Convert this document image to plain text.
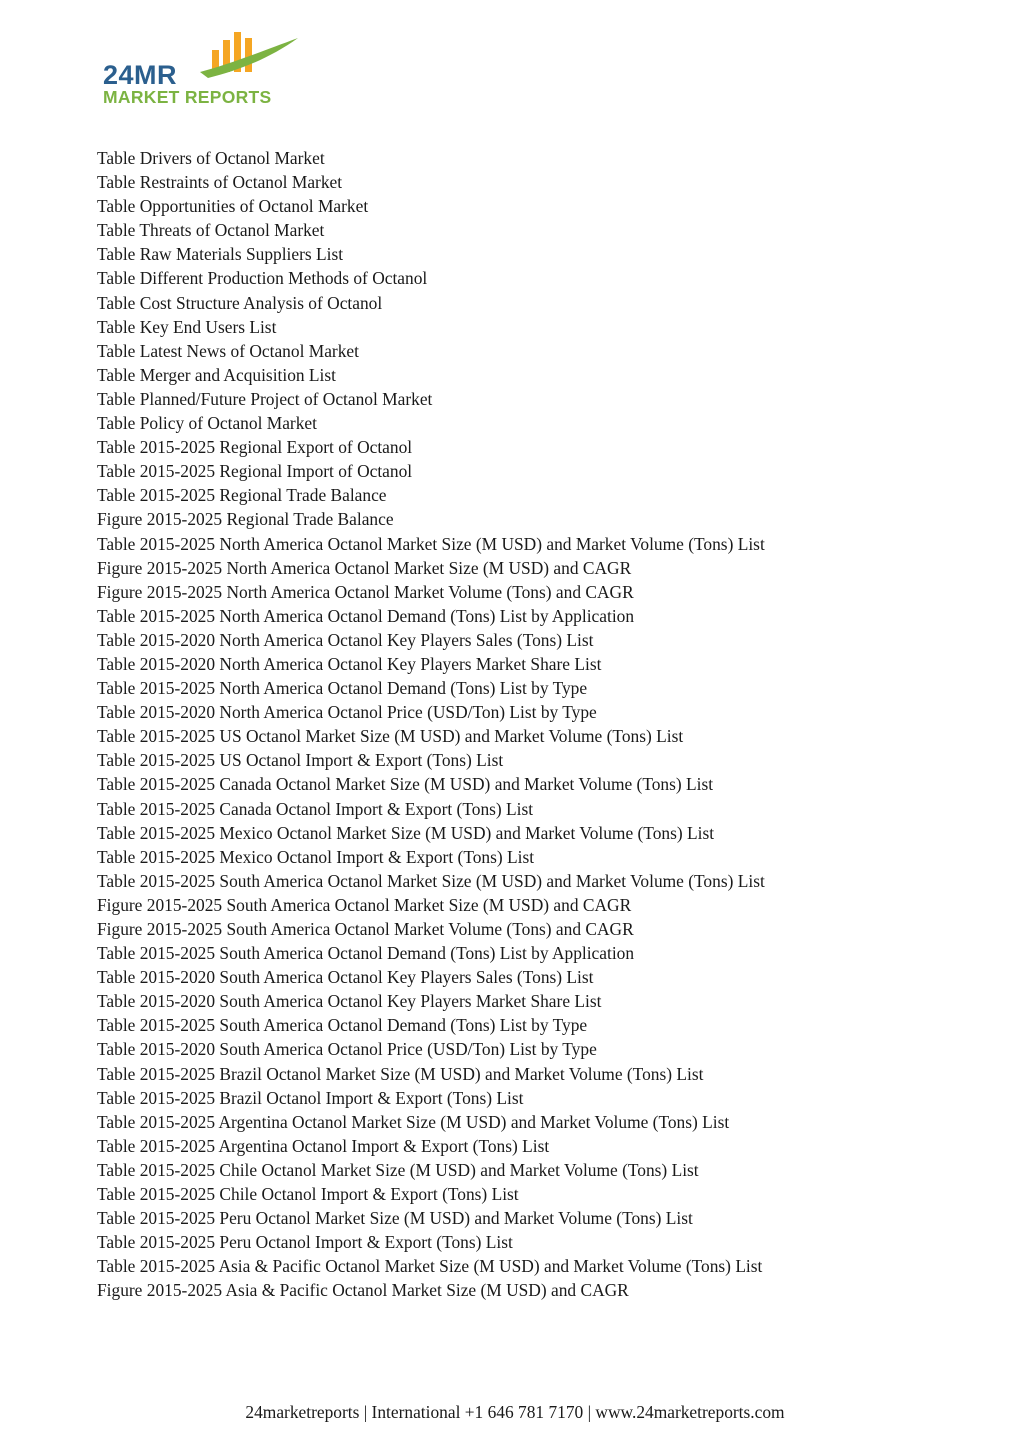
24MR
MARKET REPORTS
Table Drivers of Octanol Market
Table Restraints of Octanol Market
Table Opportunities of Octanol Market
Table Threats of Octanol Market
Table Raw Materials Suppliers List
Table Different Production Methods of Octanol
Table Cost Structure Analysis of Octanol
Table Key End Users List
Table Latest News of Octanol Market
Table Merger and Acquisition List
Table Planned/Future Project of Octanol Market
Table Policy of Octanol Market
Table 2015-2025 Regional Export of Octanol
Table 2015-2025 Regional Import of Octanol
Table 2015-2025 Regional Trade Balance
Figure 2015-2025 Regional Trade Balance
Table 2015-2025 North America Octanol Market Size (M USD) and Market Volume (Tons) List
Figure 2015-2025 North America Octanol Market Size (M USD) and CAGR
Figure 2015-2025 North America Octanol Market Volume (Tons) and CAGR
Table 2015-2025 North America Octanol Demand (Tons) List by Application
Table 2015-2020 North America Octanol Key Players Sales (Tons) List
Table 2015-2020 North America Octanol Key Players Market Share List
Table 2015-2025 North America Octanol Demand (Tons) List by Type
Table 2015-2020 North America Octanol Price (USD/Ton) List by Type
Table 2015-2025 US Octanol Market Size (M USD) and Market Volume (Tons) List
Table 2015-2025 US Octanol Import & Export (Tons) List
Table 2015-2025 Canada Octanol Market Size (M USD) and Market Volume (Tons) List
Table 2015-2025 Canada Octanol Import & Export (Tons) List
Table 2015-2025 Mexico Octanol Market Size (M USD) and Market Volume (Tons) List
Table 2015-2025 Mexico Octanol Import & Export (Tons) List
Table 2015-2025 South America Octanol Market Size (M USD) and Market Volume (Tons) List
Figure 2015-2025 South America Octanol Market Size (M USD) and CAGR
Figure 2015-2025 South America Octanol Market Volume (Tons) and CAGR
Table 2015-2025 South America Octanol Demand (Tons) List by Application
Table 2015-2020 South America Octanol Key Players Sales (Tons) List
Table 2015-2020 South America Octanol Key Players Market Share List
Table 2015-2025 South America Octanol Demand (Tons) List by Type
Table 2015-2020 South America Octanol Price (USD/Ton) List by Type
Table 2015-2025 Brazil Octanol Market Size (M USD) and Market Volume (Tons) List
Table 2015-2025 Brazil Octanol Import & Export (Tons) List
Table 2015-2025 Argentina Octanol Market Size (M USD) and Market Volume (Tons) List
Table 2015-2025 Argentina Octanol Import & Export (Tons) List
Table 2015-2025 Chile Octanol Market Size (M USD) and Market Volume (Tons) List
Table 2015-2025 Chile Octanol Import & Export (Tons) List
Table 2015-2025 Peru Octanol Market Size (M USD) and Market Volume (Tons) List
Table 2015-2025 Peru Octanol Import & Export (Tons) List
Table 2015-2025 Asia & Pacific Octanol Market Size (M USD) and Market Volume (Tons) List
Figure 2015-2025 Asia & Pacific Octanol Market Size (M USD) and CAGR
24marketreports | International +1 646 781 7170 | www.24marketreports.com
